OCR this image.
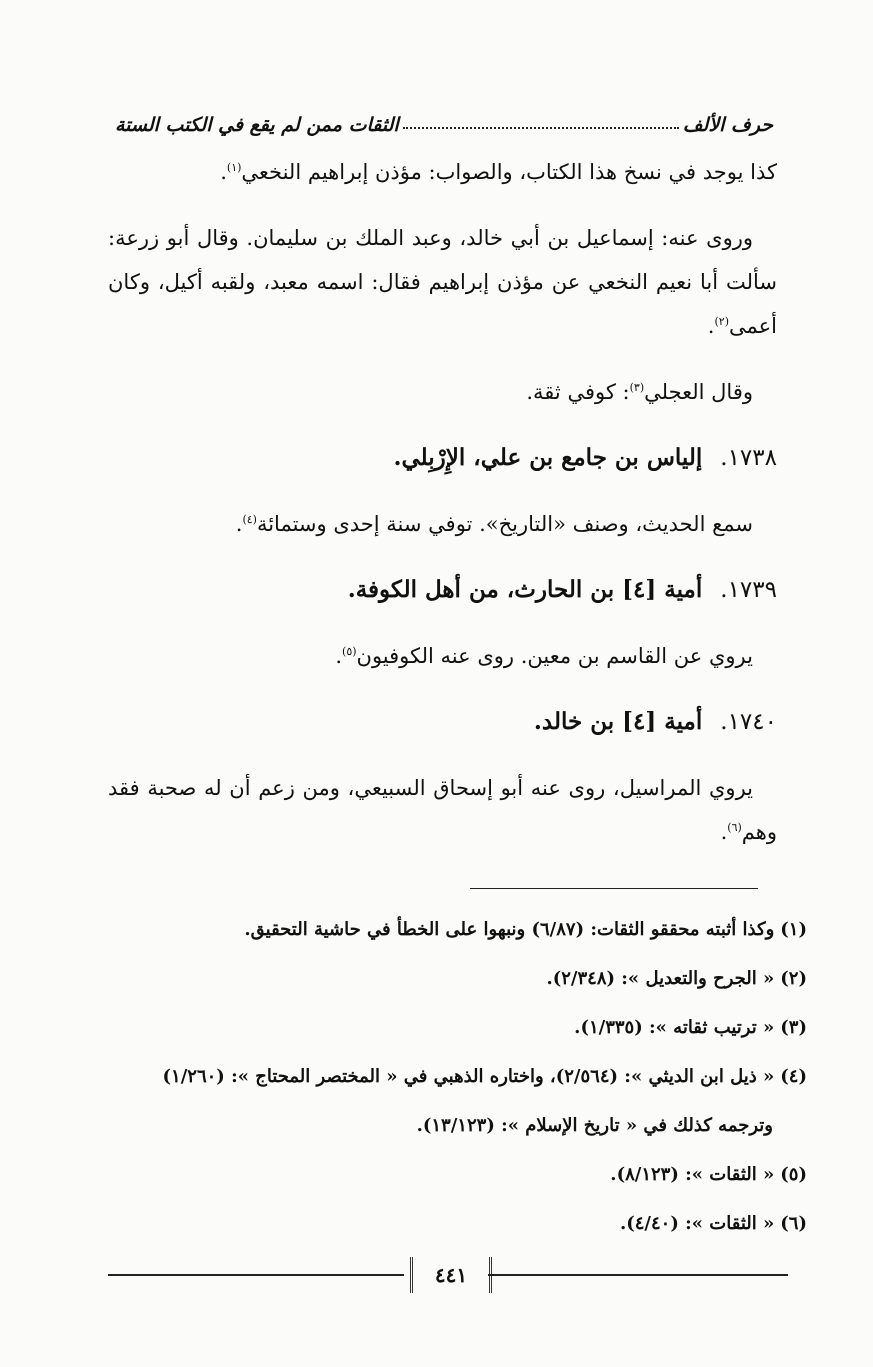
حرف الألف
الثقات ممن لم يقع في الكتب الستة

كذا يوجد في نسخ هذا الكتاب، والصواب: مؤذن إبراهيم النخعي$^{(١)}$.

وروى عنه: إسماعيل بن أبي خالد، وعبد الملك بن سليمان. وقال أبو زرعة: سألت أبا نعيم النخعي عن مؤذن إبراهيم فقال: اسمه معبد، ولقبه أكيل، وكان أعمى$^{(٢)}$.

وقال العجلي$^{(٣)}$: كوفي ثقة.

١٧٣٨.إلياس بن جامع بن علي، الإِرْبِلي.

سمع الحديث، وصنف «التاريخ». توفي سنة إحدى وستمائة$^{(٤)}$.

١٧٣٩.أمية [٤] بن الحارث، من أهل الكوفة.

يروي عن القاسم بن معين. روى عنه الكوفيون$^{(٥)}$.

١٧٤٠.أمية [٤] بن خالد.

يروي المراسيل، روى عنه أبو إسحاق السبيعي، ومن زعم أن له صحبة فقد وهم$^{(٦)}$.

(١)وكذا أثبته محققو الثقات: (٦/٨٧) ونبهوا على الخطأ في حاشية التحقيق.

(٢)« الجرح والتعديل »: (٢/٣٤٨).

(٣)« ترتيب ثقاته »: (١/٣٣٥).

(٤)« ذيل ابن الديثي »: (٢/٥٦٤)، واختاره الذهبي في « المختصر المحتاج »: (١/٢٦٠)

وترجمه كذلك في « تاريخ الإسلام »: (١٣/١٢٣).

(٥)« الثقات »: (٨/١٢٣).

(٦)« الثقات »: (٤/٤٠).

٤٤١
